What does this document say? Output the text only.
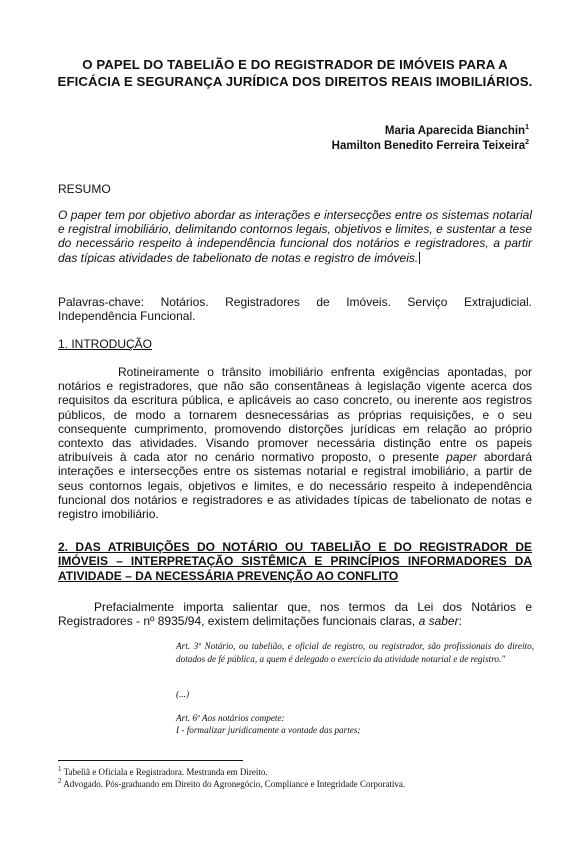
O PAPEL DO TABELIÃO E DO REGISTRADOR DE IMÓVEIS PARA A EFICÁCIA E SEGURANÇA JURÍDICA DOS DIREITOS REAIS IMOBILIÁRIOS.
Maria Aparecida Bianchin$^1$
Hamilton Benedito Ferreira Teixeira$^2$
RESUMO
O paper tem por objetivo abordar as interações e intersecções entre os sistemas notarial e registral imobiliário, delimitando contornos legais, objetivos e limites, e sustentar a tese do necessário respeito à independência funcional dos notários e registradores, a partir das típicas atividades de tabelionato de notas e registro de imóveis.
Palavras-chave: Notários. Registradores de Imóveis. Serviço Extrajudicial. Independência Funcional.
1. INTRODUÇÃO
Rotineiramente o trânsito imobiliário enfrenta exigências apontadas, por notários e registradores, que não são consentâneas à legislação vigente acerca dos requisitos da escritura pública, e aplicáveis ao caso concreto, ou inerente aos registros públicos, de modo a tornarem desnecessárias as próprias requisições, e o seu consequente cumprimento, promovendo distorções jurídicas em relação ao próprio contexto das atividades. Visando promover necessária distinção entre os papeis atribuíveis à cada ator no cenário normativo proposto, o presente paper abordará interações e intersecções entre os sistemas notarial e registral imobiliário, a partir de seus contornos legais, objetivos e limites, e do necessário respeito à independência funcional dos notários e registradores e as atividades típicas de tabelionato de notas e registro imobiliário.
2. DAS ATRIBUIÇÕES DO NOTÁRIO OU TABELIÃO E DO REGISTRADOR DE IMÓVEIS – INTERPRETAÇÃO SISTÊMICA E PRINCÍPIOS INFORMADORES DA ATIVIDADE – DA NECESSÁRIA PREVENÇÃO AO CONFLITO
Prefacialmente importa salientar que, nos termos da Lei dos Notários e Registradores - nº 8935/94, existem delimitações funcionais claras, a saber:
Art. 3º Notário, ou tabelião, e oficial de registro, ou registrador, são profissionais do direito, dotados de fé pública, a quem é delegado o exercício da atividade notarial e de registro."
(...)
Art. 6º Aos notários compete:
I - formalizar juridicamente a vontade das partes;
$^1$ Tabeliã e Oficiala e Registradora. Mestranda em Direito.
$^2$ Advogado. Pós-graduando em Direito do Agronegócio, Compliance e Integridade Corporativa.
